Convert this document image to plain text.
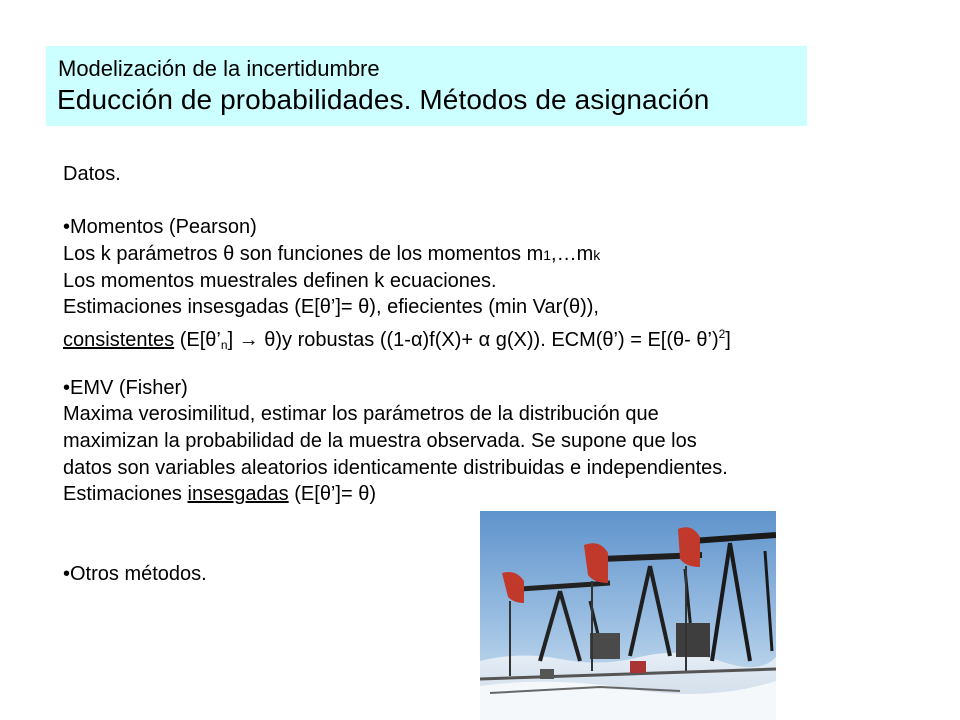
Modelización de la incertidumbre
Educción de probabilidades. Métodos de asignación
Datos.
•Momentos (Pearson)
Los k parámetros θ son funciones de los momentos m1,…mk
Los momentos muestrales definen k ecuaciones.
Estimaciones insesgadas (E[θ’]= θ), efiecientes (min Var(θ)),
consistentes $(E[\theta’_n] \to \theta)y$ robustas ((1-α)f(X)+ α g(X)). ECM(θ’) = E[(θ- θ’)$^2$]
•EMV (Fisher)
Maxima verosimilitud, estimar los parámetros de la distribución que
maximizan la probabilidad de la muestra observada. Se supone que los
datos son variables aleatorios identicamente distribuidas e independientes.
Estimaciones insesgadas (E[θ’]= θ)
•Otros métodos.
